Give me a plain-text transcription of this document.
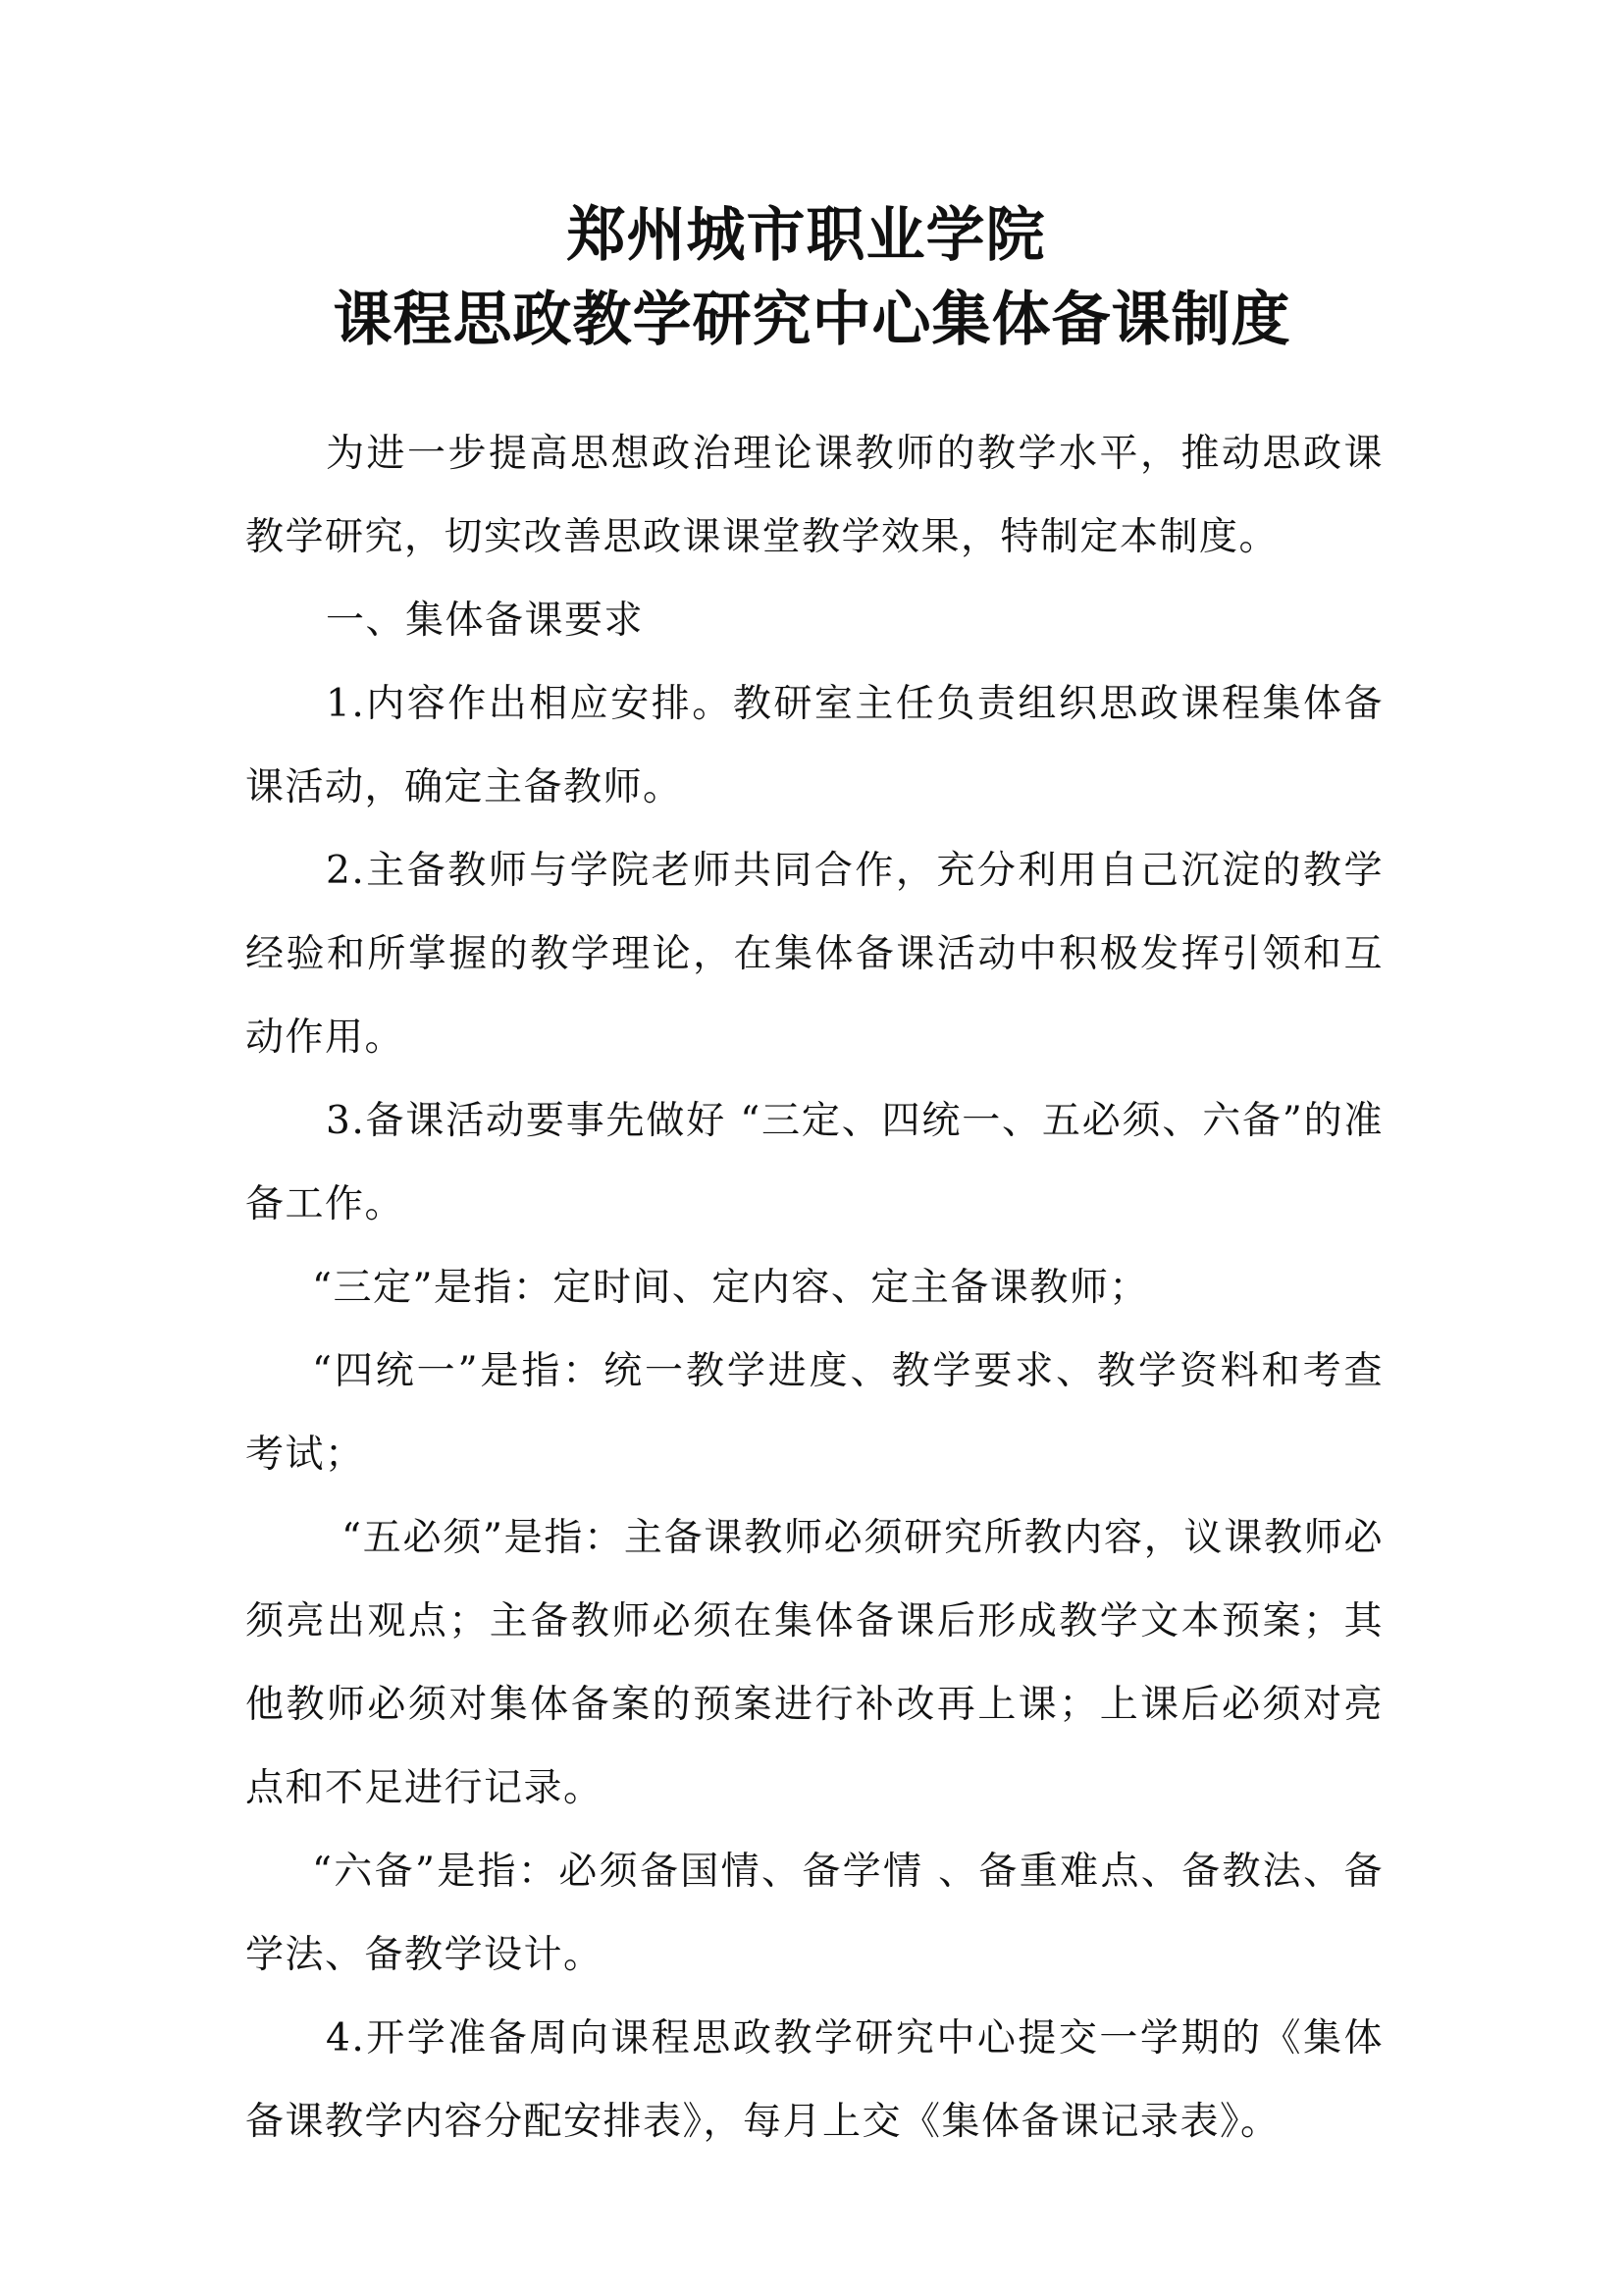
郑州城市职业学院
课程思政教学研究中心集体备课制度

为进一步提高思想政治理论课教师的教学水平，推动思政课教学研究，切实改善思政课课堂教学效果，特制定本制度。

一、集体备课要求

1.内容作出相应安排。教研室主任负责组织思政课程集体备课活动，确定主备教师。

2.主备教师与学院老师共同合作，充分利用自己沉淀的教学经验和所掌握的教学理论，在集体备课活动中积极发挥引领和互动作用。

3.备课活动要事先做好 “三定、四统一、五必须、六备”的准备工作。

“三定”是指：定时间、定内容、定主备课教师；

“四统一”是指：统一教学进度、教学要求、教学资料和考查考试；

“五必须”是指：主备课教师必须研究所教内容，议课教师必须亮出观点；主备教师必须在集体备课后形成教学文本预案；其他教师必须对集体备案的预案进行补改再上课；上课后必须对亮点和不足进行记录。

“六备”是指：必须备国情、备学情 、备重难点、备教法、备学法、备教学设计。

4.开学准备周向课程思政教学研究中心提交一学期的《集体备课教学内容分配安排表》，每月上交《集体备课记录表》。
